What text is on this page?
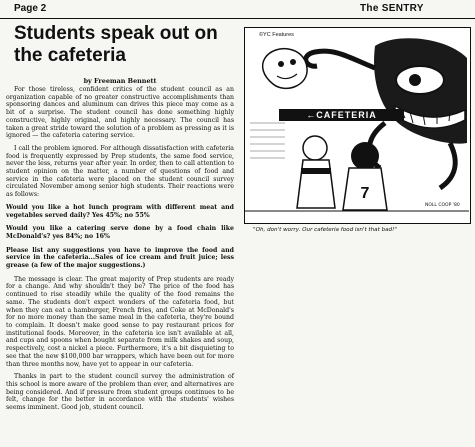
Page 2	The SENTRY
Students speak out on the cafeteria

by Freeman Bennett

For those tireless, confident critics of the student council as an organization capable of no greater constructive accomplishments than sponsoring dances and aluminum can drives this piece may come as a bit of a surprise. The student council has done something highly constructive, highly original, and highly necessary. The council has taken a great stride toward the solution of a problem as pressing as it is ignored — the cafeteria catering service.

I call the problem ignored. For although dissatisfaction with cafeteria food is frequently expressed by Prep students, the same food service, never the less, returns year after year. In order, then to call attention to student opinion on the matter, a number of questions of food and service in the cafeteria were placed on the student council survey circulated November among senior high students. Their reactions were as follows:

Would you like a hot lunch program with different meat and vegetables served daily? Yes 45%; no 55%

Would you like a catering serve done by a food chain like McDonald's? yes 84%; no 16%

Please list any suggestions you have to improve the food and service in the cafeteria...Sales of ice cream and fruit juice; less grease (a few of the major suggestions.)

The message is clear. The great majority of Prep students are ready for a change. And why shouldn't they be? The price of the food has continued to rise steadily while the quality of the food remains the same. The students don't expect wonders of the cafeteria food, but when they can eat a hamburger, French fries, and Coke at McDonald's for no more money than the same meal in the cafeteria, they're bound to complain. It doesn't make good sense to pay restaurant prices for institutional foods. Moreover, in the cafeteria ice isn't available at all, and cups and spoons when bought separate from milk shakes and soup, respectively, cost a nickel a piece. Furthermore, it's a bit disquieting to see that the new $100,000 bar wrappers, which have been out for more than three months now, have yet to appear in our cafeteria.

Thanks in part to the student council survey the administration of this school is more aware of the problem than ever, and alternatives are being considered. And if pressure from student groups continues to be felt, change for the better in accordance with the students' wishes seems imminent. Good job, student council.

©YC Features
7
NOLL COOP '80
←CAFETERIA
"Oh, don't worry. Our cafeteria food isn't that bad!"
